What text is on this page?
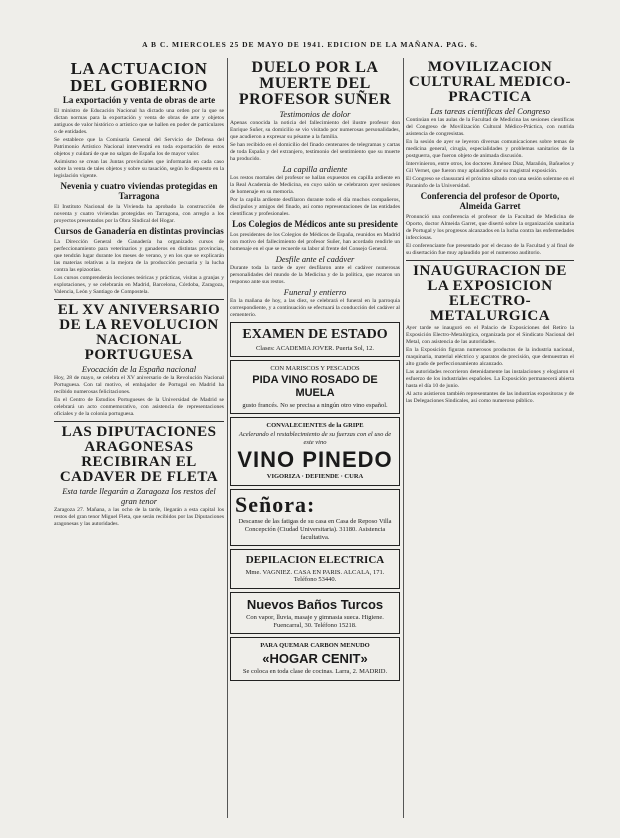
A B C. MIERCOLES 25 DE MAYO DE 1941. EDICION DE LA MAÑANA. PAG. 6.
LA ACTUACION DEL GOBIERNO
La exportación y venta de obras de arte

El ministro de Educación Nacional ha dictado una orden por la que se dictan normas para la exportación y venta de obras de arte y objetos antiguos de valor histórico o artístico que se hallen en poder de particulares o de entidades.

Se establece que la Comisaría General del Servicio de Defensa del Patrimonio Artístico Nacional intervendrá en toda exportación de estos objetos y cuidará de que no salgan de España los de mayor valor.

Asimismo se crean las Juntas provinciales que informarán en cada caso sobre la venta de tales objetos y sobre su tasación, según lo dispuesto en la legislación vigente.

Nevenia y cuatro viviendas protegidas en Tarragona

El Instituto Nacional de la Vivienda ha aprobado la construcción de noventa y cuatro viviendas protegidas en Tarragona, con arreglo a los proyectos presentados por la Obra Sindical del Hogar.

Cursos de Ganadería en distintas provincias

La Dirección General de Ganadería ha organizado cursos de perfeccionamiento para veterinarios y ganaderos en distintas provincias, que tendrán lugar durante los meses de verano, y en los que se explicarán las materias relativas a la mejora de la producción pecuaria y la lucha contra las epizootias.

Los cursos comprenderán lecciones teóricas y prácticas, visitas a granjas y explotaciones, y se celebrarán en Madrid, Barcelona, Córdoba, Zaragoza, Valencia, León y Santiago de Compostela.

EL XV ANIVERSARIO DE LA REVOLUCION NACIONAL PORTUGUESA
Evocación de la España nacional

Hoy, 28 de mayo, se celebra el XV aniversario de la Revolución Nacional Portuguesa. Con tal motivo, el embajador de Portugal en Madrid ha recibido numerosas felicitaciones.

En el Centro de Estudios Portugueses de la Universidad de Madrid se celebrará un acto conmemorativo, con asistencia de representaciones oficiales y de la colonia portuguesa.

LAS DIPUTACIONES ARAGONESAS RECIBIRAN EL CADAVER DE FLETA
Esta tarde llegarán a Zaragoza los restos del gran tenor

Zaragoza 27. Mañana, a las ocho de la tarde, llegarán a esta capital los restos del gran tenor Miguel Fleta, que serán recibidos por las Diputaciones aragonesas y las autoridades.

DUELO POR LA MUERTE DEL PROFESOR SUÑER
Testimonios de dolor

Apenas conocida la noticia del fallecimiento del ilustre profesor don Enrique Suñer, su domicilio se vio visitado por numerosas personalidades, que acudieron a expresar su pésame a la familia.

Se han recibido en el domicilio del finado centenares de telegramas y cartas de toda España y del extranjero, testimonio del sentimiento que su muerte ha producido.

La capilla ardiente

Los restos mortales del profesor se hallan expuestos en capilla ardiente en la Real Academia de Medicina, en cuyo salón se celebraron ayer sesiones de homenaje en su memoria.

Por la capilla ardiente desfilaron durante todo el día muchos compañeros, discípulos y amigos del finado, así como representaciones de las entidades científicas y profesionales.

Los Colegios de Médicos ante su presidente

Los presidentes de los Colegios de Médicos de España, reunidos en Madrid con motivo del fallecimiento del profesor Suñer, han acordado rendirle un homenaje en el que se recuerde su labor al frente del Consejo General.

Desfile ante el cadáver

Durante toda la tarde de ayer desfilaron ante el cadáver numerosas personalidades del mundo de la Medicina y de la política, que rezaron un responso ante sus restos.

Funeral y entierro

En la mañana de hoy, a las diez, se celebrará el funeral en la parroquia correspondiente, y a continuación se efectuará la conducción del cadáver al cementerio.

EXAMEN DE ESTADO
Clases: ACADEMIA JOVER. Puerta Sol, 12.
CON MARISCOS Y PESCADOS
PIDA VINO ROSADO DE MUELA
gusto francés. No se precisa a ningún otro vino español.
CONVALECIENTES de la GRIPE
Acelerando el restablecimiento de su fuerzas con el uso de este vino
VINO PINEDO
VIGORIZA · DEFIENDE · CURA
Señora:
Descanse de las fatigas de su casa en Casa de Reposo Villa Concepción (Ciudad Universitaria). 31180. Asistencia facultativa.
DEPILACION ELECTRICA
Mme. VAGNIEZ. CASA EN PARIS. ALCALA, 171. Teléfono 53440.
Nuevos Baños Turcos
Con vapor, lluvia, masaje y gimnasia sueca. Higiene. Fuencarral, 30. Teléfono 15218.
PARA QUEMAR CARBON MENUDO
«HOGAR CENIT»
Se coloca en toda clase de cocinas. Larra, 2. MADRID.
MOVILIZACION CULTURAL MEDICO-PRACTICA
Las tareas científicas del Congreso

Continúan en las aulas de la Facultad de Medicina las sesiones científicas del Congreso de Movilización Cultural Médico-Práctica, con nutrida asistencia de congresistas.

En la sesión de ayer se leyeron diversas comunicaciones sobre temas de medicina general, cirugía, especialidades y problemas sanitarios de la postguerra, que fueron objeto de animada discusión.

Intervinieron, entre otros, los doctores Jiménez Díaz, Marañón, Bañuelos y Gil Vernet, que fueron muy aplaudidos por su magistral exposición.

El Congreso se clausurará el próximo sábado con una sesión solemne en el Paraninfo de la Universidad.

Conferencia del profesor de Oporto, Almeida Garret

Pronunció una conferencia el profesor de la Facultad de Medicina de Oporto, doctor Almeida Garret, que disertó sobre la organización sanitaria de Portugal y los progresos alcanzados en la lucha contra las enfermedades infecciosas.

El conferenciante fue presentado por el decano de la Facultad y al final de su disertación fue muy aplaudido por el numeroso auditorio.

INAUGURACION DE LA EXPOSICION ELECTRO-METALURGICA

Ayer tarde se inauguró en el Palacio de Exposiciones del Retiro la Exposición Electro-Metalúrgica, organizada por el Sindicato Nacional del Metal, con asistencia de las autoridades.

En la Exposición figuran numerosos productos de la industria nacional, maquinaria, material eléctrico y aparatos de precisión, que demuestran el alto grado de perfeccionamiento alcanzado.

Las autoridades recorrieron detenidamente las instalaciones y elogiaron el esfuerzo de los industriales españoles. La Exposición permanecerá abierta hasta el día 10 de junio.

Al acto asistieron también representantes de las industrias expositoras y de las Delegaciones Sindicales, así como numeroso público.
